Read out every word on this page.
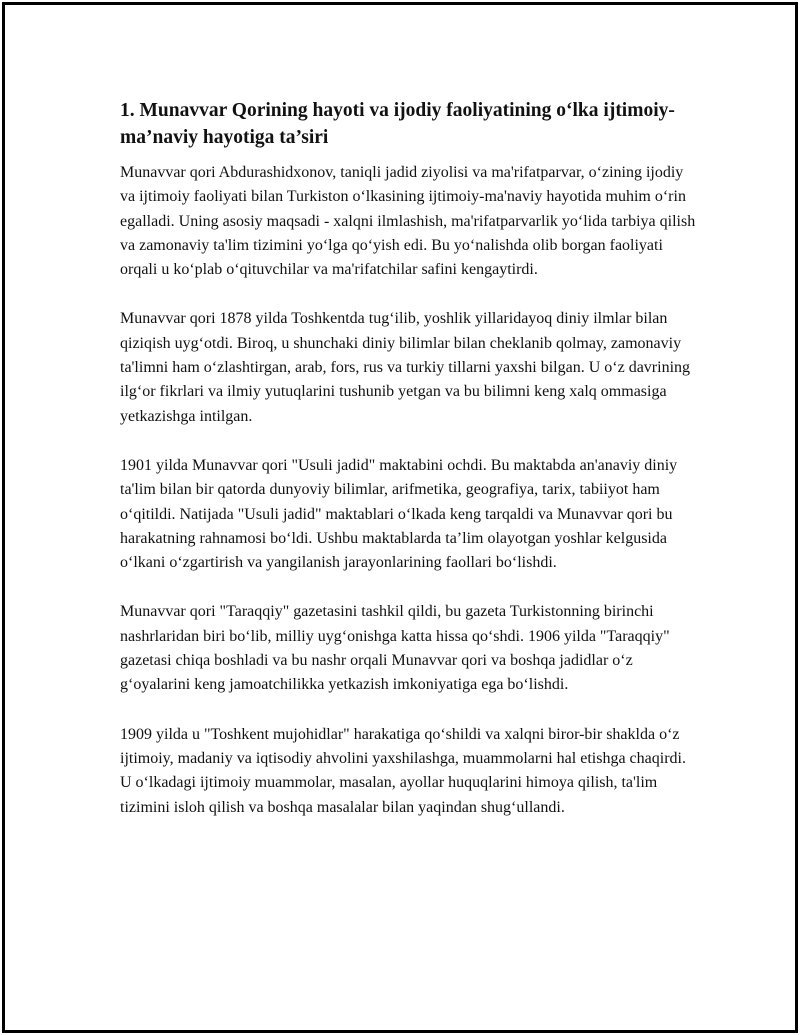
1. Munavvar Qorining hayoti va ijodiy faoliyatining o‘lka ijtimoiy-ma’naviy hayotiga ta’siri

Munavvar qori Abdurashidxonov, taniqli jadid ziyolisi va ma'rifatparvar, o‘zining ijodiy va ijtimoiy faoliyati bilan Turkiston o‘lkasining ijtimoiy-ma'naviy hayotida muhim o‘rin egalladi. Uning asosiy maqsadi - xalqni ilmlashish, ma'rifatparvarlik yo‘lida tarbiya qilish va zamonaviy ta'lim tizimini yo‘lga qo‘yish edi. Bu yo‘nalishda olib borgan faoliyati orqali u ko‘plab o‘qituvchilar va ma'rifatchilar safini kengaytirdi.

Munavvar qori 1878 yilda Toshkentda tug‘ilib, yoshlik yillaridayoq diniy ilmlar bilan qiziqish uyg‘otdi. Biroq, u shunchaki diniy bilimlar bilan cheklanib qolmay, zamonaviy ta'limni ham o‘zlashtirgan, arab, fors, rus va turkiy tillarni yaxshi bilgan. U o‘z davrining ilg‘or fikrlari va ilmiy yutuqlarini tushunib yetgan va bu bilimni keng xalq ommasiga yetkazishga intilgan.

1901 yilda Munavvar qori "Usuli jadid" maktabini ochdi. Bu maktabda an'anaviy diniy ta'lim bilan bir qatorda dunyoviy bilimlar, arifmetika, geografiya, tarix, tabiiyot ham o‘qitildi. Natijada "Usuli jadid" maktablari o‘lkada keng tarqaldi va Munavvar qori bu harakatning rahnamosi bo‘ldi. Ushbu maktablarda ta’lim olayotgan yoshlar kelgusida o‘lkani o‘zgartirish va yangilanish jarayonlarining faollari bo‘lishdi.

Munavvar qori "Taraqqiy" gazetasini tashkil qildi, bu gazeta Turkistonning birinchi nashrlaridan biri bo‘lib, milliy uyg‘onishga katta hissa qo‘shdi. 1906 yilda "Taraqqiy" gazetasi chiqa boshladi va bu nashr orqali Munavvar qori va boshqa jadidlar o‘z g‘oyalarini keng jamoatchilikka yetkazish imkoniyatiga ega bo‘lishdi.

1909 yilda u "Toshkent mujohidlar" harakatiga qo‘shildi va xalqni biror-bir shaklda o‘z ijtimoiy, madaniy va iqtisodiy ahvolini yaxshilashga, muammolarni hal etishga chaqirdi. U o‘lkadagi ijtimoiy muammolar, masalan, ayollar huquqlarini himoya qilish, ta'lim tizimini isloh qilish va boshqa masalalar bilan yaqindan shug‘ullandi.
